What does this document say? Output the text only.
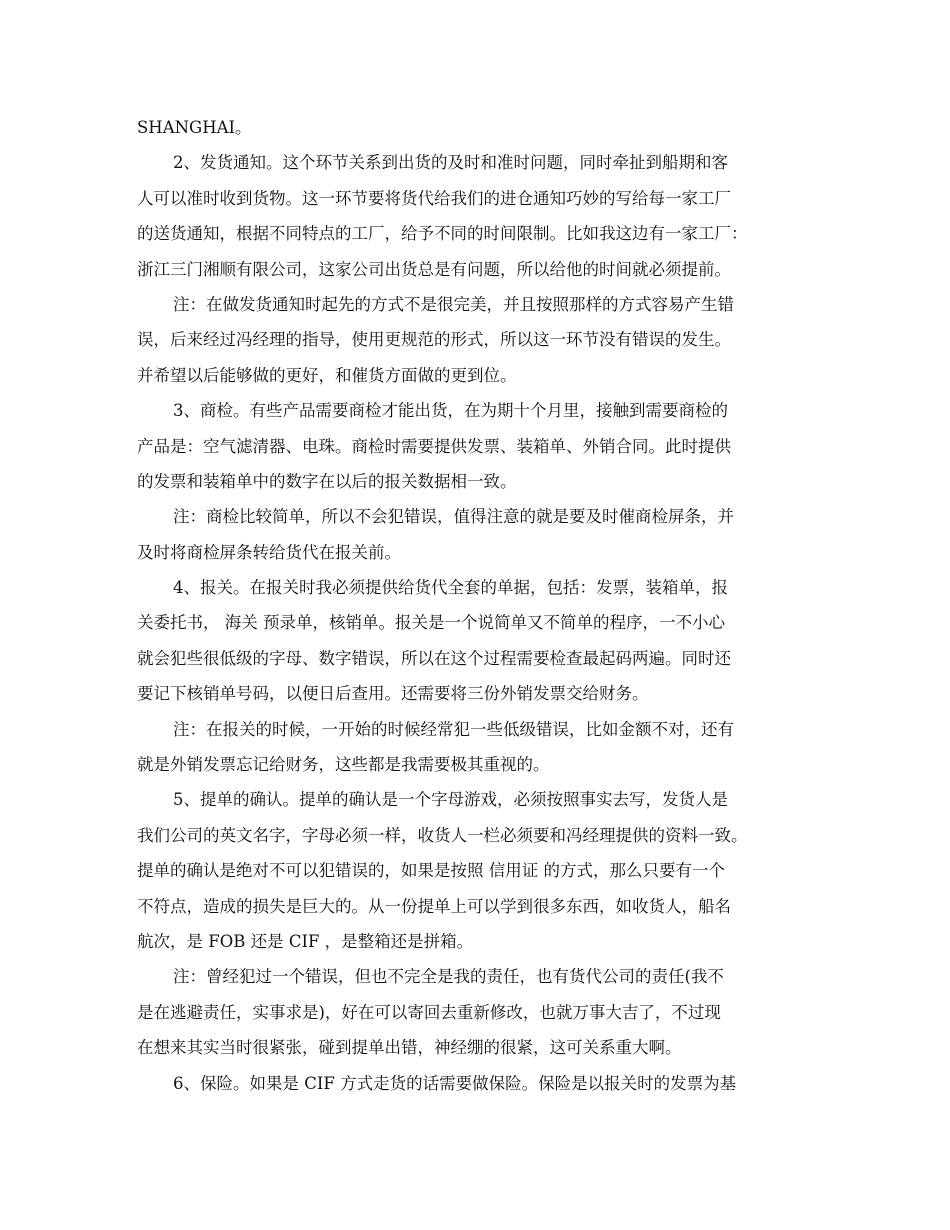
SHANGHAI。
2、发货通知。这个环节关系到出货的及时和准时问题，同时牵扯到船期和客
人可以准时收到货物。这一环节要将货代给我们的进仓通知巧妙的写给每一家工厂
的送货通知，根据不同特点的工厂，给予不同的时间限制。比如我这边有一家工厂：
浙江三门湘顺有限公司，这家公司出货总是有问题，所以给他的时间就必须提前。
注：在做发货通知时起先的方式不是很完美，并且按照那样的方式容易产生错
误，后来经过冯经理的指导，使用更规范的形式，所以这一环节没有错误的发生。
并希望以后能够做的更好，和催货方面做的更到位。
3、商检。有些产品需要商检才能出货，在为期十个月里，接触到需要商检的
产品是：空气滤清器、电珠。商检时需要提供发票、装箱单、外销合同。此时提供
的发票和装箱单中的数字在以后的报关数据相一致。
注：商检比较简单，所以不会犯错误，值得注意的就是要及时催商检屏条，并
及时将商检屏条转给货代在报关前。
4、报关。在报关时我必须提供给货代全套的单据，包括：发票，装箱单，报
关委托书， 海关 预录单，核销单。报关是一个说简单又不简单的程序，一不小心
就会犯些很低级的字母、数字错误，所以在这个过程需要检查最起码两遍。同时还
要记下核销单号码，以便日后查用。还需要将三份外销发票交给财务。
注：在报关的时候，一开始的时候经常犯一些低级错误，比如金额不对，还有
就是外销发票忘记给财务，这些都是我需要极其重视的。
5、提单的确认。提单的确认是一个字母游戏，必须按照事实去写，发货人是
我们公司的英文名字，字母必须一样，收货人一栏必须要和冯经理提供的资料一致。
提单的确认是绝对不可以犯错误的，如果是按照 信用证 的方式，那么只要有一个
不符点，造成的损失是巨大的。从一份提单上可以学到很多东西，如收货人，船名
航次，是 FOB 还是 CIF ，是整箱还是拼箱。
注：曾经犯过一个错误，但也不完全是我的责任，也有货代公司的责任(我不
是在逃避责任，实事求是)，好在可以寄回去重新修改，也就万事大吉了，不过现
在想来其实当时很紧张，碰到提单出错，神经绷的很紧，这可关系重大啊。
6、保险。如果是 CIF 方式走货的话需要做保险。保险是以报关时的发票为基
